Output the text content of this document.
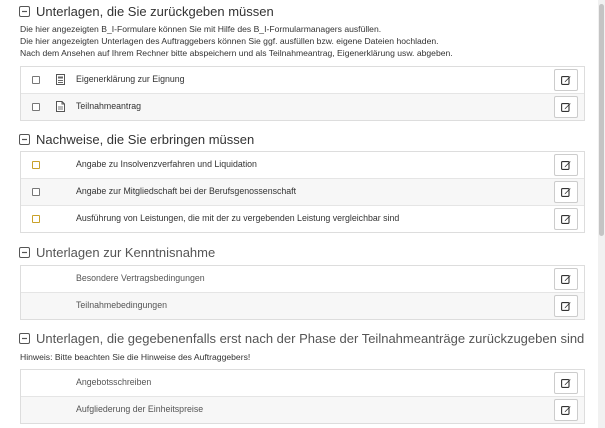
Unterlagen, die Sie zurückgeben müssen
Die hier angezeigten B_I-Formulare können Sie mit Hilfe des B_I-Formularmanagers ausfüllen.
Die hier angezeigten Unterlagen des Auftraggebers können Sie ggf. ausfüllen bzw. eigene Dateien hochladen.
Nach dem Ansehen auf Ihrem Rechner bitte abspeichern und als Teilnahmeantrag, Eigenerklärung usw. abgeben.
Eigenerklärung zur Eignung
Teilnahmeantrag
Nachweise, die Sie erbringen müssen
Angabe zu Insolvenzverfahren und Liquidation
Angabe zur Mitgliedschaft bei der Berufsgenossenschaft
Ausführung von Leistungen, die mit der zu vergebenden Leistung vergleichbar sind
Unterlagen zur Kenntnisnahme
Besondere Vertragsbedingungen
Teilnahmebedingungen
Unterlagen, die gegebenenfalls erst nach der Phase der Teilnahmeanträge zurückzugeben sind
Hinweis: Bitte beachten Sie die Hinweise des Auftraggebers!
Angebotsschreiben
Aufgliederung der Einheitspreise
